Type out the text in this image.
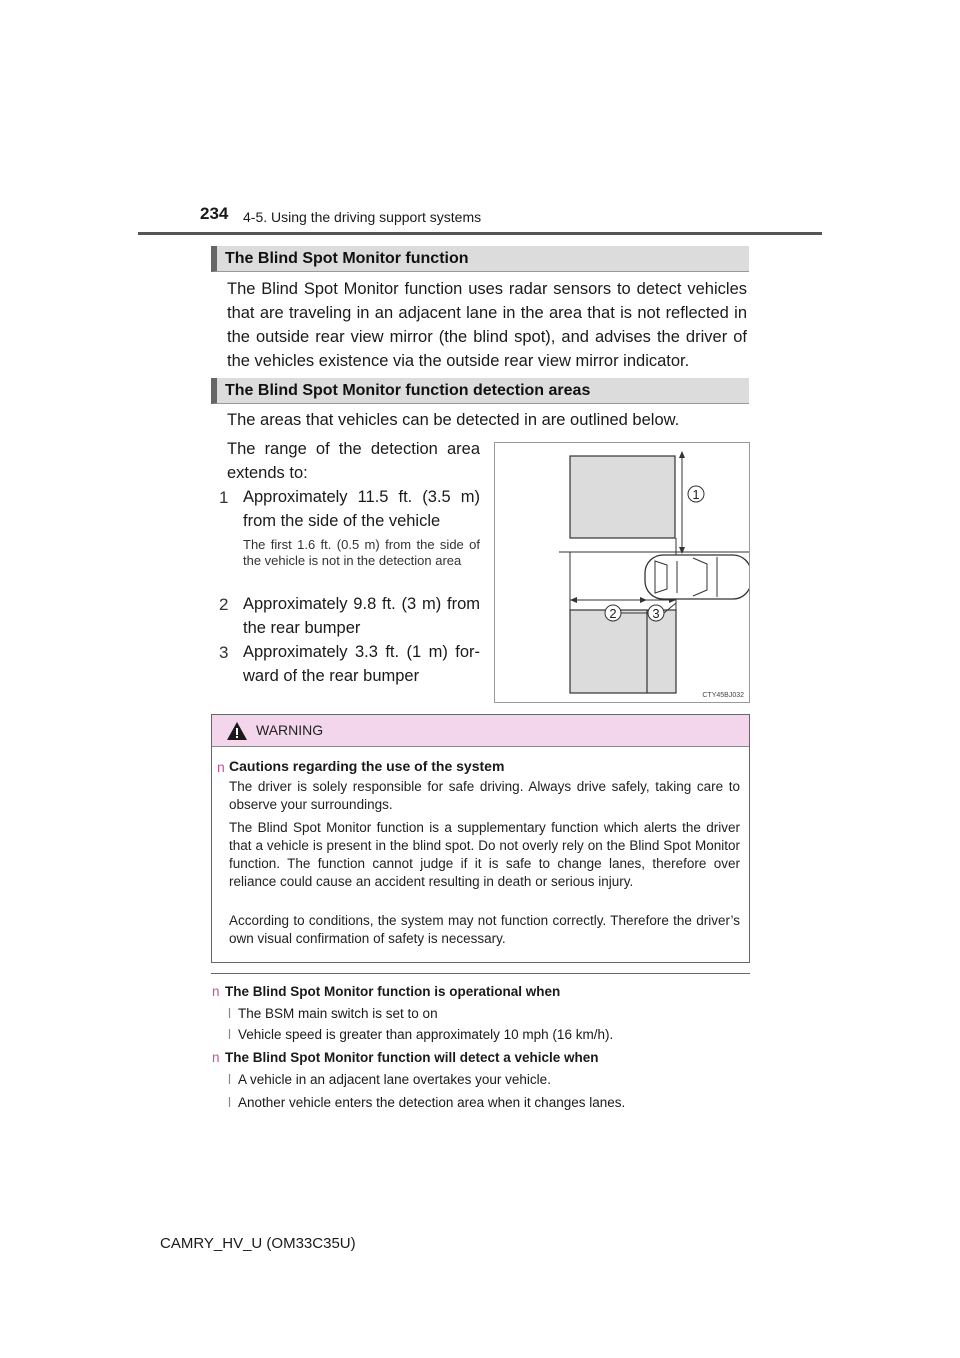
234 4-5. Using the driving support systems
The Blind Spot Monitor function
The Blind Spot Monitor function uses radar sensors to detect vehicles that are traveling in an adjacent lane in the area that is not reflected in the outside rear view mirror (the blind spot), and advises the driver of the vehicles existence via the outside rear view mirror indicator.
The Blind Spot Monitor function detection areas
The areas that vehicles can be detected in are outlined below.
The range of the detection area extends to:
1 Approximately 11.5 ft. (3.5 m) from the side of the vehicle
The first 1.6 ft. (0.5 m) from the side of the vehicle is not in the detection area
2 Approximately 9.8 ft. (3 m) from the rear bumper
3 Approximately 3.3 ft. (1 m) for-ward of the rear bumper
1
2	3
CTY45BJ032
WARNING
n Cautions regarding the use of the system
The driver is solely responsible for safe driving. Always drive safely, taking care to observe your surroundings.
The Blind Spot Monitor function is a supplementary function which alerts the driver that a vehicle is present in the blind spot. Do not overly rely on the Blind Spot Monitor function. The function cannot judge if it is safe to change lanes, therefore over reliance could cause an accident resulting in death or serious injury.
According to conditions, the system may not function correctly. Therefore the driver’s own visual confirmation of safety is necessary.
n The Blind Spot Monitor function is operational when
l The BSM main switch is set to on
l Vehicle speed is greater than approximately 10 mph (16 km/h).
n The Blind Spot Monitor function will detect a vehicle when
l A vehicle in an adjacent lane overtakes your vehicle.
l Another vehicle enters the detection area when it changes lanes.
CAMRY_HV_U (OM33C35U)
